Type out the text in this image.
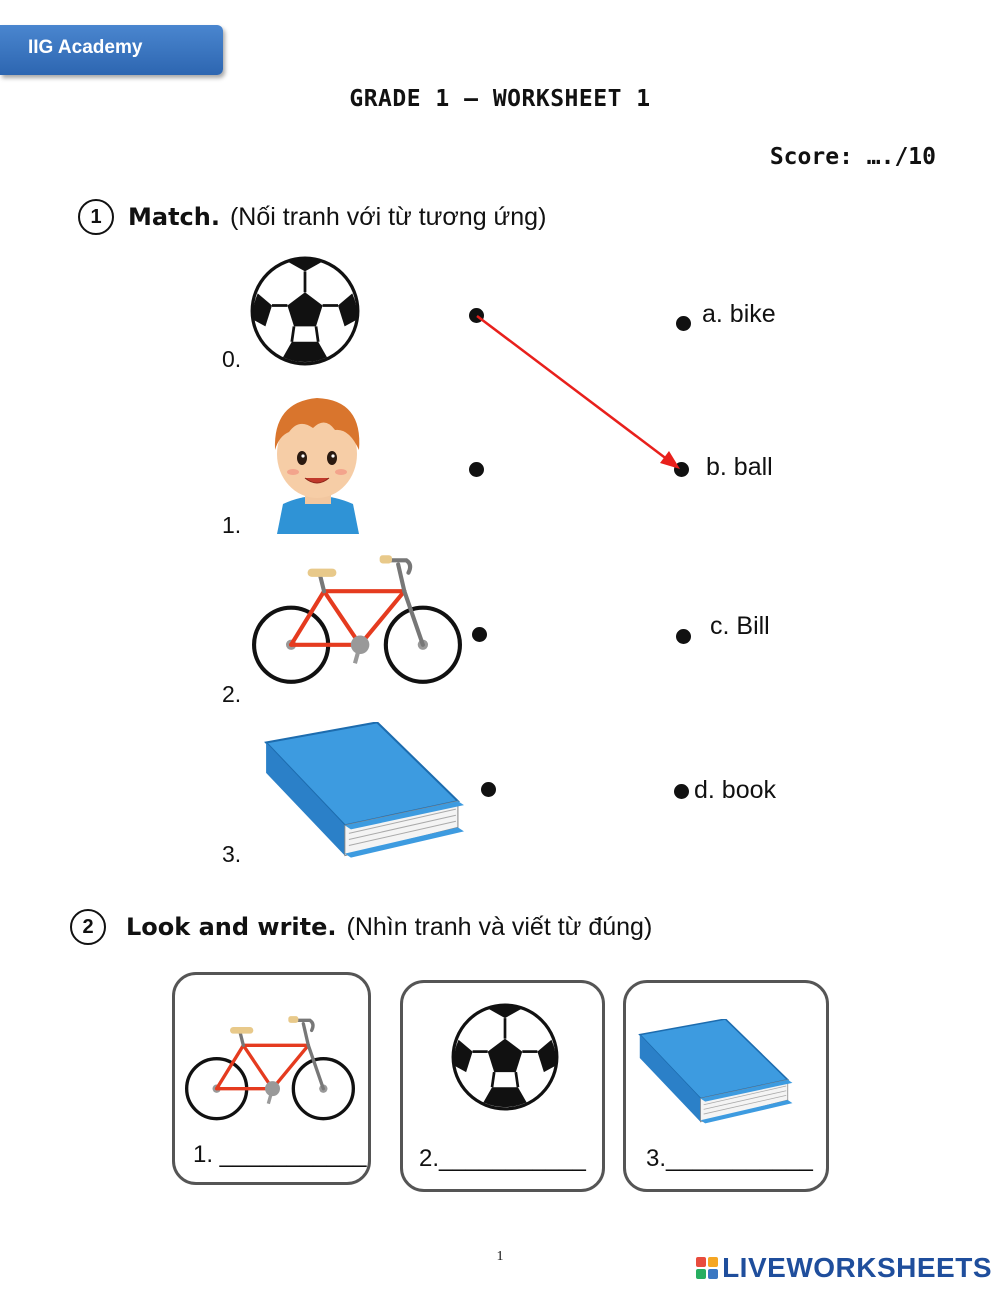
IIG Academy
GRADE 1 – WORKSHEET 1
Score: …./10
1	Match. (Nối tranh với từ tương ứng)
0.
1.
2.
3.
a. bike
b. ball
c. Bill
d. book
2	Look and write. (Nhìn tranh và viết từ đúng)
1. ___________ 2.___________	3.___________
1	LIVEWORKSHEETS
